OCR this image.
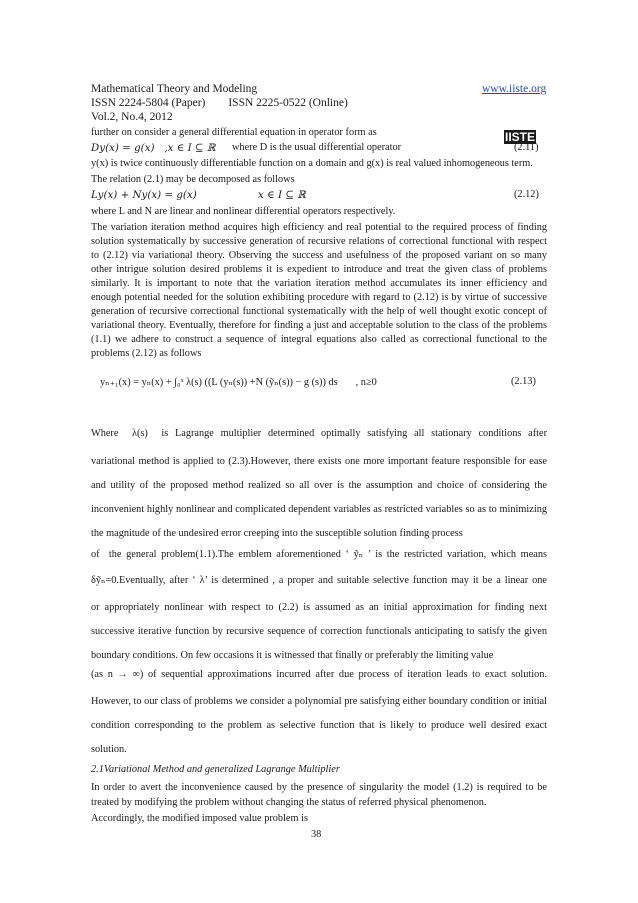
Mathematical Theory and Modeling	www.iiste.org
ISSN 2224-5804 (Paper)        ISSN 2225-0522 (Online)
Vol.2, No.4, 2012
IISTE
further on consider a general differential equation in operator form as
Dy(x) = g(x)   ,x ∈ I ⊆ ℝ where D is the usual differential operator	(2.11)
y(x) is twice continuously differentiable function on a domain and g(x) is real valued inhomogeneous term.
The relation (2.1) may be decomposed as follows
Ly(x) + Ny(x) = g(x)	x ∈ I ⊆ ℝ	(2.12)
where L and N are linear and nonlinear differential operators respectively.
The variation iteration method acquires high efficiency and real potential to the required process of finding solution systematically by successive generation of recursive relations of correctional functional with respect to (2.12) via variational theory. Observing the success and usefulness of the proposed variant on so many other intrigue solution desired problems it is expedient to introduce and treat the given class of problems similarly. It is important to note that the variation iteration method accumulates its inner efficiency and enough potential needed for the solution exhibiting procedure with regard to (2.12) is by virtue of successive generation of recursive correctional functional systematically with the help of well thought exotic concept of variational theory. Eventually, therefore for finding a just and acceptable solution to the class of the problems (1.1) we adhere to construct a sequence of integral equations also called as correctional functional to the problems (2.12) as follows
yₙ₊₁(x) = yₙ(x) + ∫₀ˣ λ(s) ((L (yₙ(s)) +N (ỹₙ(s)) − g (s)) ds       , n≥0	(2.13)
Where  λ(s)  is Lagrange multiplier determined optimally satisfying all stationary conditions after
variational method is applied to (2.3).However, there exists one more important feature responsible for ease and utility of the proposed method realized so all over is the assumption and choice of considering the inconvenient highly nonlinear and complicated dependent variables as restricted variables so as to minimizing the magnitude of the undesired error creeping into the susceptible solution finding process
of  the general problem(1.1).The emblem aforementioned ‘ ỹₙ ’ is the restricted variation, which means
δỹₙ=0.Eventually, after ‘ λ’ is determined , a proper and suitable selective function may it be a linear one
or appropriately nonlinear with respect to (2.2) is assumed as an initial approximation for finding next successive iterative function by recursive sequence of correction functionals anticipating to satisfy the given boundary conditions. On few occasions it is witnessed that finally or preferably the limiting value
(as n → ∞) of sequential approximations incurred after due process of iteration leads to exact solution.
However, to our class of problems we consider a polynomial pre satisfying either boundary condition or initial condition corresponding to the problem as selective function that is likely to produce well desired exact solution.
2.1Variational Method and generalized Lagrange Multiplier
In order to avert the inconvenience caused by the presence of singularity the model (1.2) is required to be treated by modifying the problem without changing the status of referred physical phenomenon.
Accordingly, the modified imposed value problem is
38
